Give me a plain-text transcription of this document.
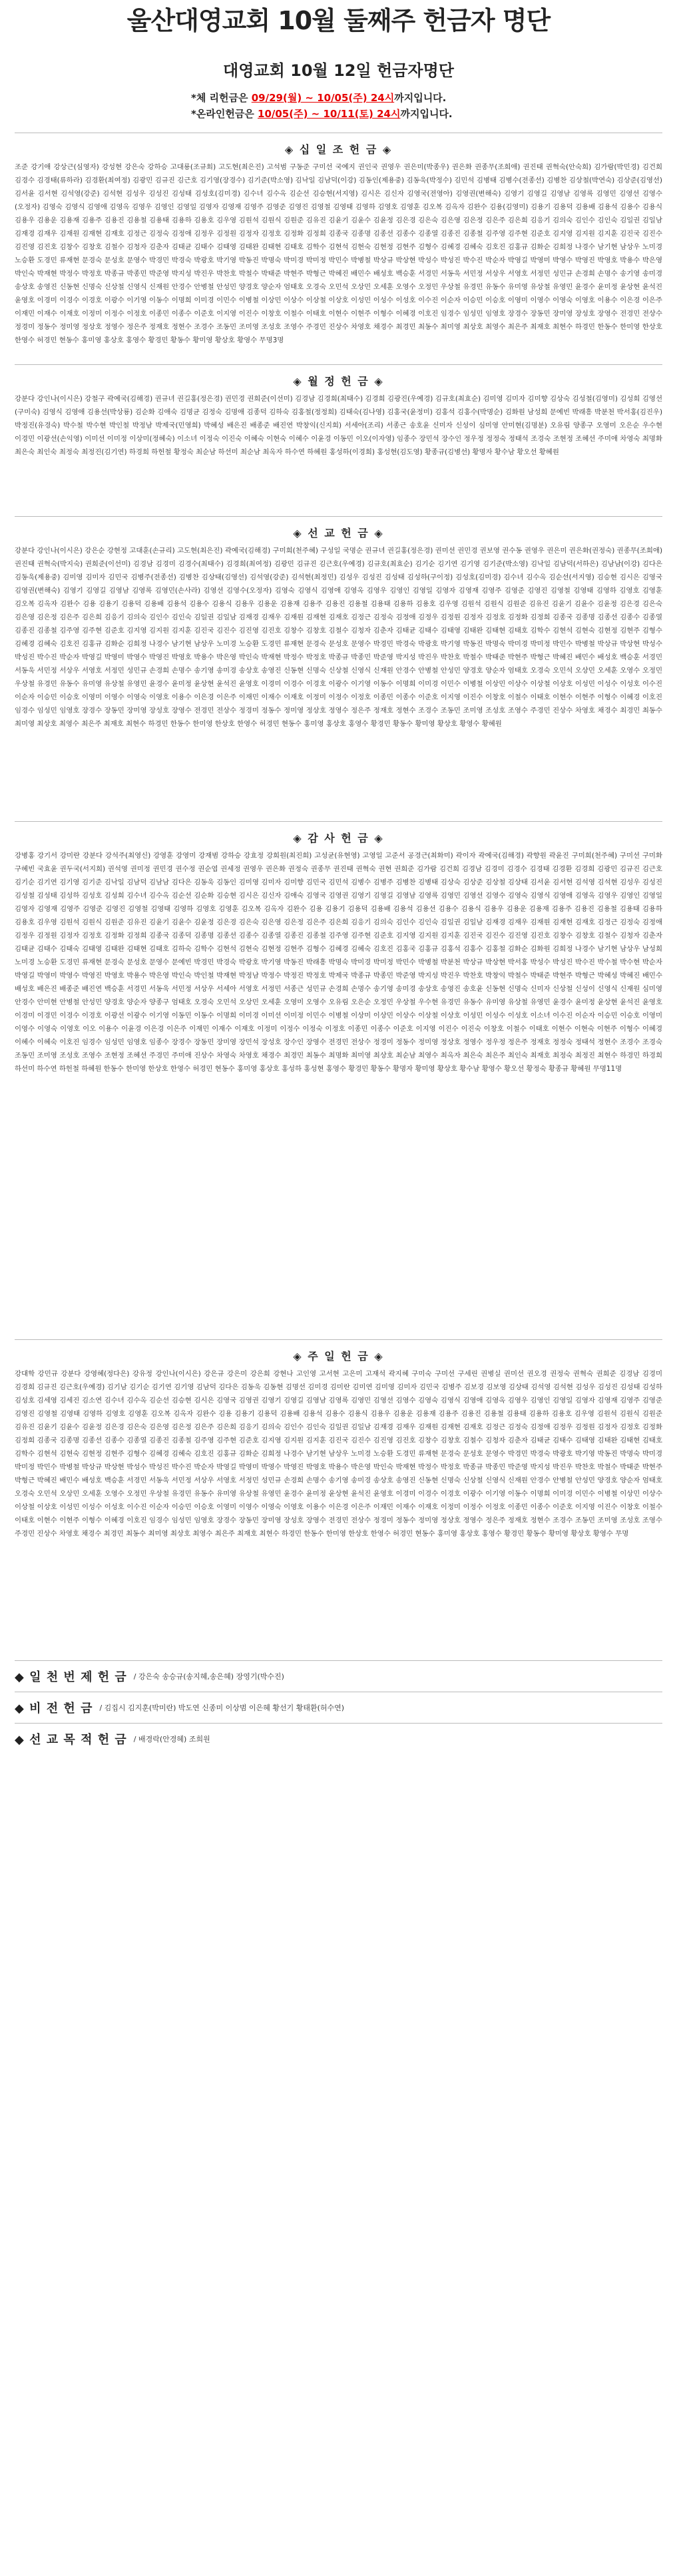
울산대영교회 10월 둘째주 헌금자 명단
대영교회 10월 12일 헌금자명단
*체 리헌금은 09/29(월) ~ 10/05(주) 24시까지입니다.
*온라인헌금은 10/05(주) ~ 10/11(토) 24시까지입니다.
◈ 십 일 조 헌 금 ◈
조준 강기애 강상근(심영자) 강성현 강은숙 강하승 고대룡(조규회) 고도현(최은진) 고석범 구동준 구미선 국예지 권인국 권영우 권은미(박종우) 권은화 권종무(조희애) 권진태 권혁숙(안숙희) 김가람(박민경) 김건희 김경수 김경태(류하라) 김경환(최여정) 김광민 김규진 김근호 김기영(장경수) 김기준(박소영) 김낙일 김남덕(이강) 김동인(제용중) 김동욱(박정수) 김민석 김병태 김병수(전종선) 김병찬 김상철(박연숙) 김상준(김영선) 김서윤 김서현 김석영(강준) 김석현 김성우 김성진 김성태 김성호(김미경) 김수녀 김수옥 김순선 김승현(서지영) 김시은 김신자 김영국(전영아) 김영권(변해숙) 김영기 김영길 김영남 김영록 김영민 김영선 김영수(오정자) 김영숙 김영식 김영애 김영옥 김영우 김영인 김영일 김영자 김영재 김영주 김영준 김영진 김영철 김영태 김영하 김영호 김영훈 김오복 김옥자 김완수 김용(김영미) 김용기 김용덕 김용배 김용석 김용수 김용식 김용우 김용운 김용재 김용주 김용진 김용철 김용태 김용하 김용호 김우영 김원석 김원식 김원준 김유진 김윤기 김윤수 김윤정 김은경 김은숙 김은영 김은정 김은주 김은희 김응기 김의숙 김인수 김인숙 김일권 김일남 김재경 김재우 김재원 김재현 김재호 김정근 김정숙 김정애 김정우 김정원 김정자 김정호 김정화 김정희 김종국 김종명 김종선 김종수 김종열 김종진 김종철 김주영 김주현 김준호 김지영 김지원 김지훈 김진국 김진수 김진영 김진호 김창수 김창호 김철수 김청자 김춘자 김태균 김태수 김태영 김태완 김태현 김태호 김학수 김현석 김현숙 김현정 김현주 김형수 김혜경 김혜숙 김호진 김홍규 김화순 김희정 나경수 남기현 남상우 노미경 노승환 도경민 류재현 문경숙 문성호 문영수 박경민 박경숙 박광호 박기영 박동진 박명숙 박미경 박미정 박민수 박병철 박상규 박상현 박성수 박성진 박수진 박순자 박영길 박영미 박영수 박영진 박영호 박용수 박은영 박인숙 박재현 박정수 박정호 박종규 박종민 박준영 박지성 박진우 박찬호 박철수 박태준 박현주 박형근 박혜진 배민수 배성호 백승훈 서경민 서동욱 서민정 서상우 서영호 서정민 성민규 손경희 손명수 송기영 송미경 송상호 송영진 신동현 신명숙 신상철 신영식 신재원 안경수 안병철 안성민 양경호 양순자 엄태호 오경숙 오민석 오상민 오세훈 오영수 오정민 우상철 유경민 유동수 유미영 유상철 유영민 윤경수 윤미정 윤상현 윤석진 윤영호 이경미 이경수 이경호 이광수 이기영 이동수 이명희 이미경 이민수 이병철 이상민 이상수 이상철 이상호 이성민 이성수 이성호 이수진 이순자 이승민 이승호 이영미 이영수 이영숙 이영호 이용수 이은경 이은주 이재민 이재수 이재호 이정미 이정수 이정호 이종민 이종수 이준호 이지영 이진수 이창호 이철수 이태호 이현수 이현주 이형수 이혜경 이호진 임경수 임성민 임영호 장경수 장동민 장미영 장성호 장영수 전경민 전상수 정경미 정동수 정미영 정상호 정영수 정은주 정재호 정현수 조경수 조동민 조미영 조성호 조영수 주경민 진상수 차영호 채경수 최경민 최동수 최미영 최상호 최영수 최은주 최재호 최현수 하경민 한동수 한미영 한상호 한영수 허경민 현동수 홍미영 홍상호 홍영수 황경민 황동수 황미영 황상호 황영수 무명3명
◈ 월 정 헌 금 ◈
강분다 강인나(이시은) 강철구 곽예국(김해경) 권규녀 권길홍(정은경) 권민경 권희준(이선미) 김경남 김경희(최태수) 김경희 김광진(우예경) 김규호(최효순) 김미영 김미자 김미향 김상숙 김성철(김영미) 김성희 김영선(구미숙) 김영식 김영애 김용선(박상룡) 김순화 김애숙 김명균 김정숙 김명애 김종덕 김하숙 김홍철(정정희) 김태숙(김나영) 김홍국(윤정미) 김홍석 김홍수(박명순) 김화원 남성희 문예빈 박래흥 박분천 박서홍(김진우) 박정진(유경숙) 박수철 박수현 박인철 박정남 박제국(민영희) 박혜성 배은진 배종준 배진연 박창익(신지희) 서세아(조리) 서종근 송호윤 신미자 신성이 심미영 안미현(김명분) 오유림 양종구 오영미 오은순 우수현 이경민 이광선(손익영) 이미선 이미정 이상미(정혜숙) 이소녀 이정숙 이진숙 이혜숙 이현숙 이혜수 이윤경 이동민 이오(이자영) 임종수 장민석 장수인 정우정 정정숙 정태석 조경숙 조현정 조혜선 주미애 차영숙 최명화 최은숙 최인숙 최정숙 최정진(김기연) 하경희 하헌철 황정숙 최순남 하선미 최순남 최옥자 하수연 하혜원 홍성하(이경희) 홍성현(김도영) 황종규(김병선) 황명자 황수남 황오선 황혜원
◈ 선 교 헌 금 ◈
강분다 강인나(이시은) 강은순 강현정 고대훈(손규리) 고도현(최은진) 곽예국(김해경) 구미희(천주혜) 구성일 국명순 권규녀 권길홍(정은경) 권미선 권민경 권보영 권수동 권영우 권은미 권은화(권정숙) 권종무(조희애) 권진태 권혁숙(박지숙) 권희준(이선미) 김경남 김경미 김경수(최태수) 김경희(최여정) 김광민 김규진 김근호(우예경) 김규호(최효순) 김기순 김기연 김기영 김기준(박소영) 김낙일 김남덕(서하은) 김남남(이강) 김다은 김동욱(제용중) 김미영 김미자 김민국 김병주(전종선) 김병찬 김상태(김영선) 김석영(강준) 김석현(최정민) 김성우 김성진 김성태 김성하(구이정) 김성호(김미경) 김수녀 김수옥 김순선(서지영) 김승현 김시은 김영국 김영권(변해숙) 김영기 김영길 김영남 김영록 김영민(손사라) 김영선 김영수(오정자) 김영숙 김영식 김영애 김영옥 김영우 김영인 김영일 김영자 김영재 김영주 김영준 김영진 김영철 김영태 김영하 김영호 김영훈 김오복 김옥자 김완수 김용 김용기 김용덕 김용배 김용석 김용수 김용식 김용우 김용운 김용재 김용주 김용진 김용철 김용태 김용하 김용호 김우영 김원석 김원식 김원준 김유진 김윤기 김윤수 김윤정 김은경 김은숙 김은영 김은정 김은주 김은희 김응기 김의숙 김인수 김인숙 김일권 김일남 김재경 김재우 김재원 김재현 김재호 김정근 김정숙 김정애 김정우 김정원 김정자 김정호 김정화 김정희 김종국 김종명 김종선 김종수 김종열 김종진 김종철 김주영 김주현 김준호 김지영 김지원 김지훈 김진국 김진수 김진영 김진호 김창수 김창호 김철수 김청자 김춘자 김태균 김태수 김태영 김태완 김태현 김태호 김학수 김현석 김현숙 김현정 김현주 김형수 김혜경 김혜숙 김호진 김홍규 김화순 김희정 나경수 남기현 남상우 노미경 노승환 도경민 류재현 문경숙 문성호 문영수 박경민 박경숙 박광호 박기영 박동진 박명숙 박미경 박미정 박민수 박병철 박상규 박상현 박성수 박성진 박수진 박순자 박영길 박영미 박영수 박영진 박영호 박용수 박은영 박인숙 박재현 박정수 박정호 박종규 박종민 박준영 박지성 박진우 박찬호 박철수 박태준 박현주 박형근 박혜진 배민수 배성호 백승훈 서경민 서동욱 서민정 서상우 서영호 서정민 성민규 손경희 손명수 송기영 송미경 송상호 송영진 신동현 신명숙 신상철 신영식 신재원 안경수 안병철 안성민 양경호 양순자 엄태호 오경숙 오민석 오상민 오세훈 오영수 오정민 우상철 유경민 유동수 유미영 유상철 유영민 윤경수 윤미정 윤상현 윤석진 윤영호 이경미 이경수 이경호 이광수 이기영 이동수 이명희 이미경 이민수 이병철 이상민 이상수 이상철 이상호 이성민 이성수 이성호 이수진 이순자 이승민 이승호 이영미 이영수 이영숙 이영호 이용수 이은경 이은주 이재민 이재수 이재호 이정미 이정수 이정호 이종민 이종수 이준호 이지영 이진수 이창호 이철수 이태호 이현수 이현주 이형수 이혜경 이호진 임경수 임성민 임영호 장경수 장동민 장미영 장성호 장영수 전경민 전상수 정경미 정동수 정미영 정상호 정영수 정은주 정재호 정현수 조경수 조동민 조미영 조성호 조영수 주경민 진상수 차영호 채경수 최경민 최동수 최미영 최상호 최영수 최은주 최재호 최현수 하경민 한동수 한미영 한상호 한영수 허경민 현동수 홍미영 홍상호 홍영수 황경민 황동수 황미영 황상호 황영수 황혜원
◈ 감 사 헌 금 ◈
강병홍 강기서 강미란 강분다 강석주(최영신) 강영훈 강영미 강재범 강하승 강효정 강희원(최진희) 고성균(유현영) 고영일 고준서 공경근(최화미) 곽이자 곽예국(김해경) 곽향원 곽윤진 구미희(천주혜) 구미선 구미화 구혜빈 국효윤 권두국(서지희) 권석영 권미정 권민경 권수정 권순엽 권세정 권영우 권은화 권정숙 권종무 권진태 권혁숙 권현 권희준 김가람 김건희 김경남 김경미 김경수 김경태 김경환 김경희 김광민 김규진 김근호 김기순 김기연 김기영 김기준 김낙일 김남덕 김남남 김다은 김동욱 김동인 김미영 김미자 김미향 김민국 김민석 김병수 김병주 김병찬 김병태 김상숙 김상준 김상철 김상태 김서윤 김서현 김석영 김석현 김성우 김성진 김성철 김성태 김성하 김성호 김성희 김수녀 김수옥 김순선 김순화 김승현 김시은 김신자 김애숙 김영국 김영권 김영기 김영길 김영남 김영록 김영민 김영선 김영수 김영숙 김영식 김영애 김영옥 김영우 김영인 김영일 김영자 김영재 김영주 김영준 김영진 김영철 김영태 김영하 김영호 김영훈 김오복 김옥자 김완수 김용 김용기 김용덕 김용배 김용석 김용선 김용수 김용식 김용우 김용운 김용재 김용주 김용진 김용철 김용태 김용하 김용호 김우영 김원석 김원식 김원준 김유진 김윤기 김윤수 김윤정 김은경 김은숙 김은영 김은정 김은주 김은희 김응기 김의숙 김인수 김인숙 김일권 김일남 김재경 김재우 김재원 김재현 김재호 김정근 김정숙 김정애 김정우 김정원 김정자 김정호 김정화 김정희 김종국 김종덕 김종명 김종선 김종수 김종열 김종진 김종철 김주영 김주현 김준호 김지영 김지원 김지훈 김진국 김진수 김진영 김진호 김창수 김창호 김철수 김청자 김춘자 김태균 김태수 김태숙 김태영 김태완 김태현 김태호 김하숙 김학수 김현석 김현숙 김현정 김현주 김형수 김혜경 김혜숙 김호진 김홍국 김홍규 김홍석 김홍수 김홍철 김화순 김화원 김희정 나경수 남기현 남상우 남성희 노미경 노승환 도경민 류재현 문경숙 문성호 문영수 문예빈 박경민 박경숙 박광호 박기영 박동진 박래흥 박명숙 박미경 박미정 박민수 박병철 박분천 박상규 박상현 박서홍 박성수 박성진 박수진 박수철 박수현 박순자 박영길 박영미 박영수 박영진 박영호 박용수 박은영 박인숙 박인철 박재현 박정남 박정수 박정진 박정호 박제국 박종규 박종민 박준영 박지성 박진우 박찬호 박창익 박철수 박태준 박현주 박형근 박혜성 박혜진 배민수 배성호 배은진 배종준 배진연 백승훈 서경민 서동욱 서민정 서상우 서세아 서영호 서정민 서종근 성민규 손경희 손명수 송기영 송미경 송상호 송영진 송호윤 신동현 신명숙 신미자 신상철 신성이 신영식 신재원 심미영 안경수 안미현 안병철 안성민 양경호 양순자 양종구 엄태호 오경숙 오민석 오상민 오세훈 오영미 오영수 오유림 오은순 오정민 우상철 우수현 유경민 유동수 유미영 유상철 유영민 윤경수 윤미정 윤상현 윤석진 윤영호 이경미 이경민 이경수 이경호 이광선 이광수 이기영 이동민 이동수 이명희 이미경 이미선 이미정 이민수 이병철 이상미 이상민 이상수 이상철 이상호 이성민 이성수 이성호 이소녀 이수진 이순자 이승민 이승호 이영미 이영수 이영숙 이영호 이오 이용수 이윤경 이은경 이은주 이재민 이재수 이재호 이정미 이정수 이정숙 이정호 이종민 이종수 이준호 이지영 이진수 이진숙 이창호 이철수 이태호 이현수 이현숙 이현주 이형수 이혜경 이혜수 이혜숙 이호진 임경수 임성민 임영호 임종수 장경수 장동민 장미영 장민석 장성호 장수인 장영수 전경민 전상수 정경미 정동수 정미영 정상호 정영수 정우정 정은주 정재호 정정숙 정태석 정현수 조경수 조경숙 조동민 조미영 조성호 조영수 조현정 조혜선 주경민 주미애 진상수 차영숙 차영호 채경수 최경민 최동수 최명화 최미영 최상호 최순남 최영수 최옥자 최은숙 최은주 최인숙 최재호 최정숙 최정진 최현수 하경민 하경희 하선미 하수연 하헌철 하혜원 한동수 한미영 한상호 한영수 허경민 현동수 홍미영 홍상호 홍성하 홍성현 홍영수 황경민 황동수 황명자 황미영 황상호 황수남 황영수 황오선 황정숙 황종규 황혜원 무명11명
◈ 주 일 헌 금 ◈
강대학 강민규 강분다 강영혜(정다은) 강유정 강인나(이시은) 강은규 강은미 강은희 강현나 고인영 고서현 고은미 고재석 곽지혜 구미숙 구미선 구세린 권병실 권미선 권오경 권정숙 권혁숙 권희준 김경남 김경미 김경희 김규진 김근호(우예경) 김기남 김기순 김기연 김기영 김남덕 김다은 김동욱 김동현 김명선 김미경 김미란 김미연 김미영 김미자 김민국 김병주 김보경 김보영 김상태 김석영 김석현 김성우 김성진 김성태 김성하 김성호 김세영 김세진 김소연 김수녀 김수옥 김순선 김승현 김시은 김영국 김영권 김영기 김영길 김영남 김영록 김영민 김영선 김영수 김영숙 김영식 김영애 김영옥 김영우 김영인 김영일 김영자 김영재 김영주 김영준 김영진 김영철 김영태 김영하 김영호 김영훈 김오복 김옥자 김완수 김용 김용기 김용덕 김용배 김용석 김용수 김용식 김용우 김용운 김용재 김용주 김용진 김용철 김용태 김용하 김용호 김우영 김원석 김원식 김원준 김유진 김윤기 김윤수 김윤정 김은경 김은숙 김은영 김은정 김은주 김은희 김응기 김의숙 김인수 김인숙 김일권 김일남 김재경 김재우 김재원 김재현 김재호 김정근 김정숙 김정애 김정우 김정원 김정자 김정호 김정화 김정희 김종국 김종명 김종선 김종수 김종열 김종진 김종철 김주영 김주현 김준호 김지영 김지원 김지훈 김진국 김진수 김진영 김진호 김창수 김창호 김철수 김청자 김춘자 김태균 김태수 김태영 김태완 김태현 김태호 김학수 김현석 김현숙 김현정 김현주 김형수 김혜경 김혜숙 김호진 김홍규 김화순 김희정 나경수 남기현 남상우 노미경 노승환 도경민 류재현 문경숙 문성호 문영수 박경민 박경숙 박광호 박기영 박동진 박명숙 박미경 박미정 박민수 박병철 박상규 박상현 박성수 박성진 박수진 박순자 박영길 박영미 박영수 박영진 박영호 박용수 박은영 박인숙 박재현 박정수 박정호 박종규 박종민 박준영 박지성 박진우 박찬호 박철수 박태준 박현주 박형근 박혜진 배민수 배성호 백승훈 서경민 서동욱 서민정 서상우 서영호 서정민 성민규 손경희 손명수 송기영 송미경 송상호 송영진 신동현 신명숙 신상철 신영식 신재원 안경수 안병철 안성민 양경호 양순자 엄태호 오경숙 오민석 오상민 오세훈 오영수 오정민 우상철 유경민 유동수 유미영 유상철 유영민 윤경수 윤미정 윤상현 윤석진 윤영호 이경미 이경수 이경호 이광수 이기영 이동수 이명희 이미경 이민수 이병철 이상민 이상수 이상철 이상호 이성민 이성수 이성호 이수진 이순자 이승민 이승호 이영미 이영수 이영숙 이영호 이용수 이은경 이은주 이재민 이재수 이재호 이정미 이정수 이정호 이종민 이종수 이준호 이지영 이진수 이창호 이철수 이태호 이현수 이현주 이형수 이혜경 이호진 임경수 임성민 임영호 장경수 장동민 장미영 장성호 장영수 전경민 전상수 정경미 정동수 정미영 정상호 정영수 정은주 정재호 정현수 조경수 조동민 조미영 조성호 조영수 주경민 진상수 차영호 채경수 최경민 최동수 최미영 최상호 최영수 최은주 최재호 최현수 하경민 한동수 한미영 한상호 한영수 허경민 현동수 홍미영 홍상호 홍영수 황경민 황동수 황미영 황상호 황영수 무명
◆ 일 천 번 제 헌 금 / 강은숙 송승규(송지혜,송은혜) 장영기(박수진)
◆ 비 전 헌 금 / 김집시 김지훈(박미란) 박도연 신종미 이상범 이은혜 황선기 황태환(허수연)
◆ 선 교 목 적 헌 금 / 배경락(안경혜) 조희원
